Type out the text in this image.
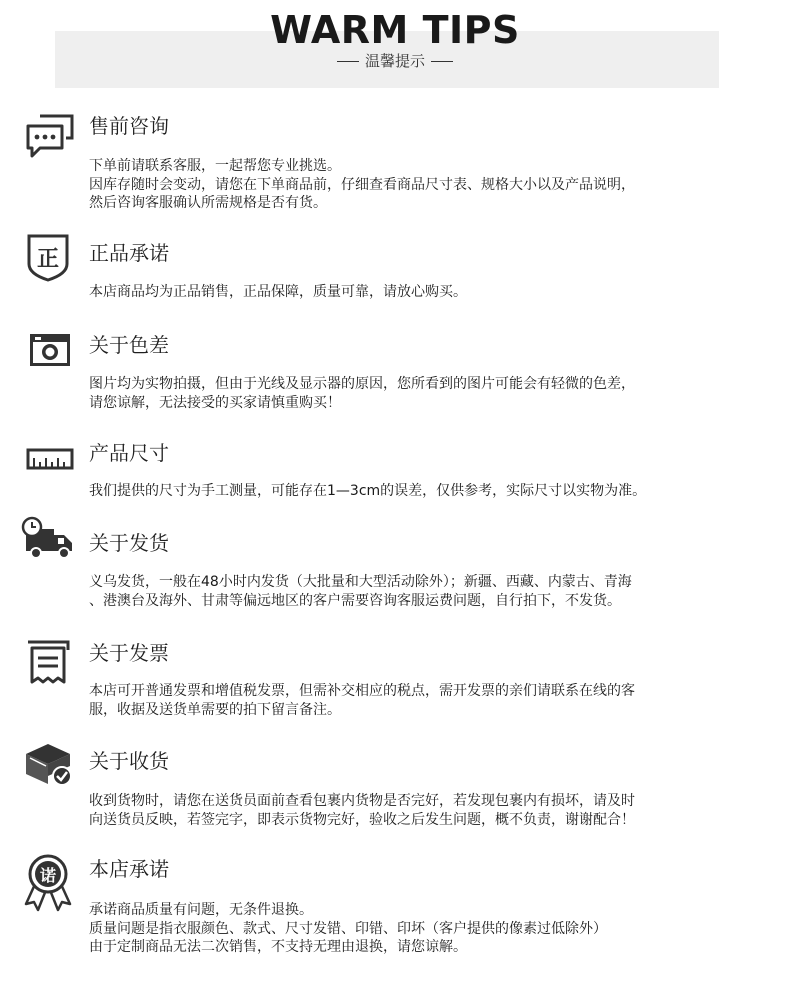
WARM TIPS
温馨提示
售前咨询
下单前请联系客服，一起帮您专业挑选。
因库存随时会变动，请您在下单商品前，仔细查看商品尺寸表、规格大小以及产品说明，
然后咨询客服确认所需规格是否有货。
正 正品承诺
本店商品均为正品销售，正品保障，质量可靠，请放心购买。
关于色差
图片均为实物拍摄，但由于光线及显示器的原因，您所看到的图片可能会有轻微的色差，
请您谅解，无法接受的买家请慎重购买！
产品尺寸
我们提供的尺寸为手工测量，可能存在1—3cm的误差，仅供参考，实际尺寸以实物为准。
关于发货
义乌发货，一般在48小时内发货（大批量和大型活动除外）；新疆、西藏、内蒙古、青海
、港澳台及海外、甘肃等偏远地区的客户需要咨询客服运费问题，自行拍下，不发货。
关于发票
本店可开普通发票和增值税发票，但需补交相应的税点，需开发票的亲们请联系在线的客
服，收据及送货单需要的拍下留言备注。
关于收货
收到货物时，请您在送货员面前查看包裹内货物是否完好，若发现包裹内有损坏，请及时
向送货员反映，若签完字，即表示货物完好，验收之后发生问题，概不负责，谢谢配合！
诺 本店承诺
承诺商品质量有问题，无条件退换。
质量问题是指衣服颜色、款式、尺寸发错、印错、印坏（客户提供的像素过低除外）
由于定制商品无法二次销售，不支持无理由退换，请您谅解。
